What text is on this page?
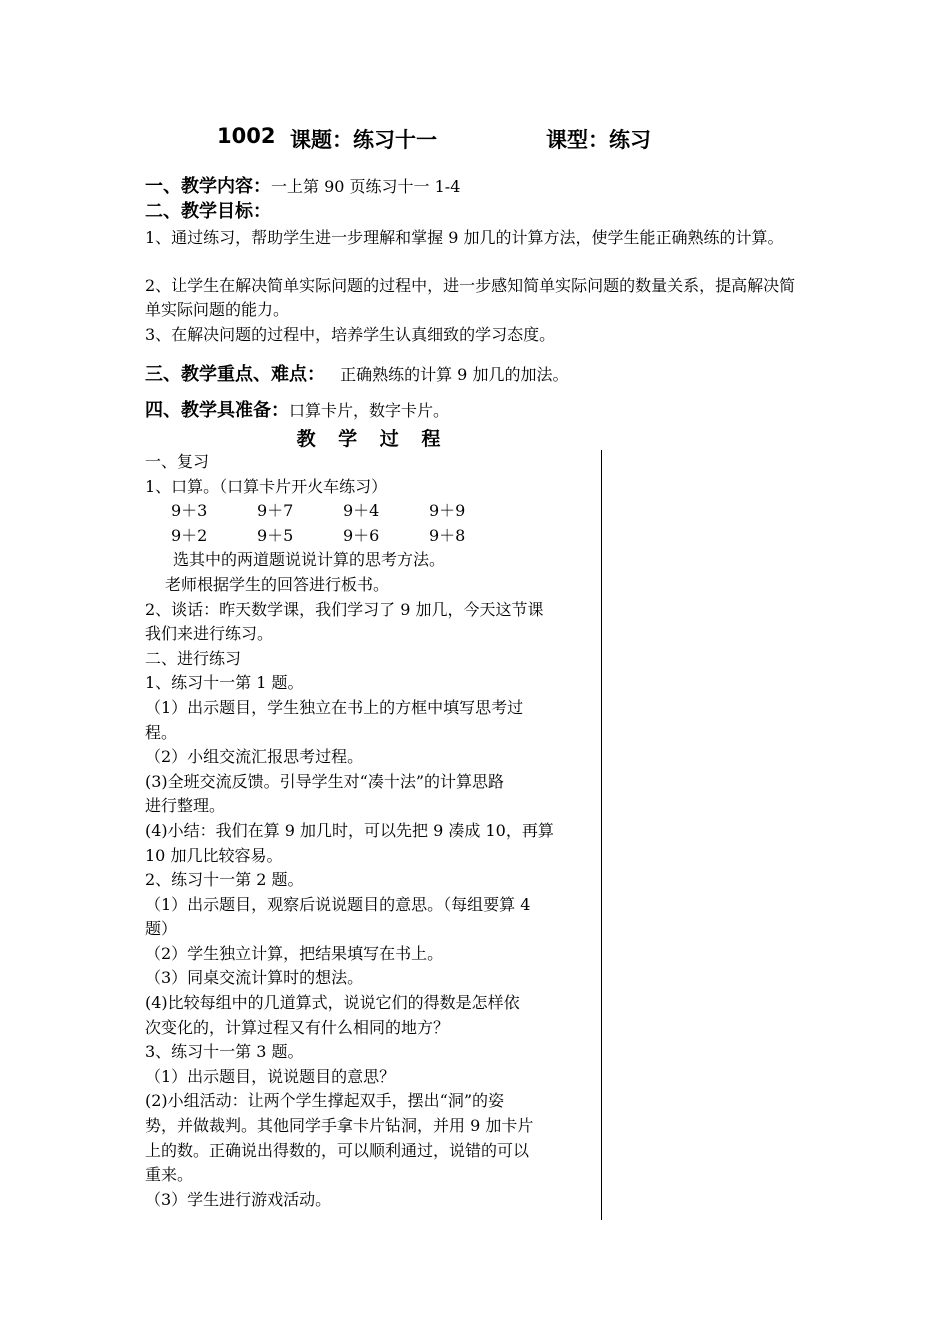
1002 课题：练习十一	课型：练习
一、教学内容：一上第 90 页练习十一 1-4
二、教学目标：
1、通过练习，帮助学生进一步理解和掌握 9 加几的计算方法，使学生能正确熟练的计算。
2、让学生在解决简单实际问题的过程中，进一步感知简单实际问题的数量关系，提高解决简单实际问题的能力。
3、在解决问题的过程中，培养学生认真细致的学习态度。
三、教学重点、难点： 正确熟练的计算 9 加几的加法。
四、教学具准备：口算卡片，数字卡片。
教 学 过 程
一、复习
1、口算。（口算卡片开火车练习）
9＋3	9＋7	9＋4	9＋9
9＋2	9＋5	9＋6	9＋8
选其中的两道题说说计算的思考方法。
老师根据学生的回答进行板书。
2、谈话：昨天数学课，我们学习了 9 加几，今天这节课
我们来进行练习。
二、进行练习
1、练习十一第 1 题。
（1）出示题目，学生独立在书上的方框中填写思考过
程。
（2）小组交流汇报思考过程。
(3)全班交流反馈。引导学生对“凑十法”的计算思路
进行整理。
(4)小结：我们在算 9 加几时，可以先把 9 凑成 10，再算
10 加几比较容易。
2、练习十一第 2 题。
（1）出示题目，观察后说说题目的意思。（每组要算 4
题）
（2）学生独立计算，把结果填写在书上。
（3）同桌交流计算时的想法。
(4)比较每组中的几道算式，说说它们的得数是怎样依
次变化的，计算过程又有什么相同的地方？
3、练习十一第 3 题。
（1）出示题目，说说题目的意思？
(2)小组活动：让两个学生撑起双手，摆出“洞”的姿
势，并做裁判。其他同学手拿卡片钻洞，并用 9 加卡片
上的数。正确说出得数的，可以顺利通过，说错的可以
重来。
（3）学生进行游戏活动。
